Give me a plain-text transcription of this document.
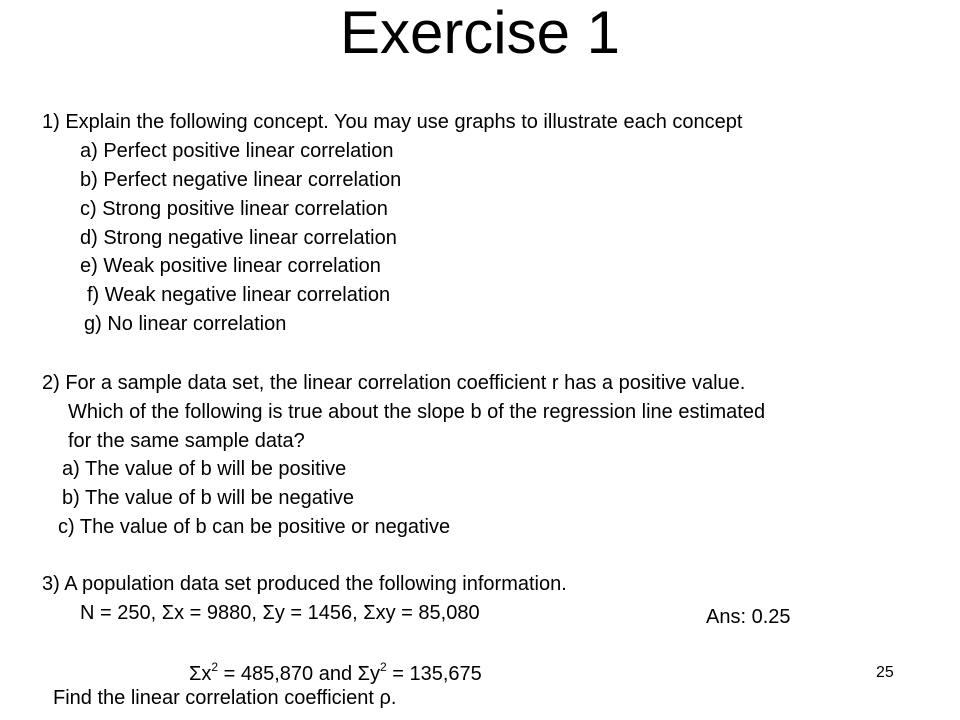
Exercise 1
1) Explain the following concept. You may use graphs to illustrate each concept
a) Perfect positive linear correlation
b) Perfect negative linear correlation
c) Strong positive linear correlation
d) Strong negative linear correlation
e) Weak positive linear correlation
f) Weak negative linear correlation
g) No linear correlation
2) For a sample data set, the linear correlation coefficient r has a positive value.
Which of the following is true about the slope b of the regression line estimated
for the same sample data?
a) The value of b will be positive
b) The value of b will be negative
c) The value of b can be positive or negative
3) A population data set produced the following information.
N = 250, Σx = 9880, Σy = 1456, Σxy = 85,080	Ans: 0.25
$\Sigma x^2 = 485,870$ and $\Sigma y^2 = 135,675$
Find the linear correlation coefficient ρ.
25
